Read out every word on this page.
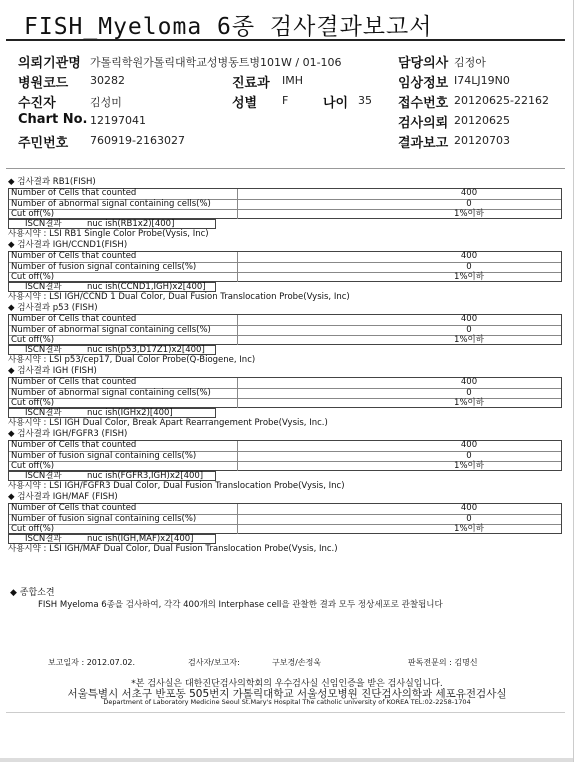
FISH_Myeloma 6종 검사결과보고서
의뢰기관명 가톨릭학원가톨릭대학교성병동트병101W / 01-106	담당의사 김정아
병원코드 30282	진료과 IMH	임상정보 I74LJ19N0
수진자	김성미	성별 F	나이 35 접수번호 20120625-22162
Chart No. 12197041	검사의뢰 20120625
주민번호 760919-2163027	결과보고 20120703
◆ 검사결과 RB1(FISH)
Number of Cells that counted	400
Number of abnormal signal containing cells(%)	0
Cut off(%)	1%이하
ISCN결과	nuc ish(RB1x2)[400]
사용시약 : LSI RB1 Single Color Probe(Vysis, Inc)
◆ 검사결과 IGH/CCND1(FISH)
Number of Cells that counted	400
Number of fusion signal containing cells(%)	0
Cut off(%)	1%이하
ISCN결과	nuc ish(CCND1,IGH)x2[400]
사용시약 : LSI IGH/CCND 1 Dual Color, Dual Fusion Translocation Probe(Vysis, Inc)
◆ 검사결과 p53 (FISH)
Number of Cells that counted	400
Number of abnormal signal containing cells(%)	0
Cut off(%)	1%이하
ISCN결과	nuc ish(p53,D17Z1)x2[400]
사용시약 : LSI p53/cep17, Dual Color Probe(Q-Biogene, Inc)
◆ 검사결과 IGH (FISH)
Number of Cells that counted	400
Number of abnormal signal containing cells(%)	0
Cut off(%)	1%이하
ISCN결과	nuc ish(IGHx2)[400]
사용시약 : LSI IGH Dual Color, Break Apart Rearrangement Probe(Vysis, Inc.)
◆ 검사결과 IGH/FGFR3 (FISH)
Number of Cells that counted	400
Number of fusion signal containing cells(%)	0
Cut off(%)	1%이하
ISCN결과	nuc ish(FGFR3,IGH)x2[400]
사용시약 : LSI IGH/FGFR3 Dual Color, Dual Fusion Translocation Probe(Vysis, Inc)
◆ 검사결과 IGH/MAF (FISH)
Number of Cells that counted	400
Number of fusion signal containing cells(%)	0
Cut off(%)	1%이하
ISCN결과	nuc ish(IGH,MAF)x2[400]
사용시약 : LSI IGH/MAF Dual Color, Dual Fusion Translocation Probe(Vysis, Inc.)
◆ 종합소견
FISH Myeloma 6종을 검사하여, 각각 400개의 Interphase cell을 관찰한 결과 모두 정상세포로 관찰됩니다
보고일자 : 2012.07.02.	검사자/보고자:	구보경/손정욱	판독전문의 : 김명신
*본 검사실은 대한진단검사의학회의 우수검사실 신임인증을 받은 검사실입니다.
서울특별시 서초구 반포동 505번지 가톨릭대학교 서울성모병원 진단검사의학과 세포유전검사실
Department of Laboratory Medicine Seoul St.Mary's Hospital The catholic university of KOREA TEL:02-2258-1704
